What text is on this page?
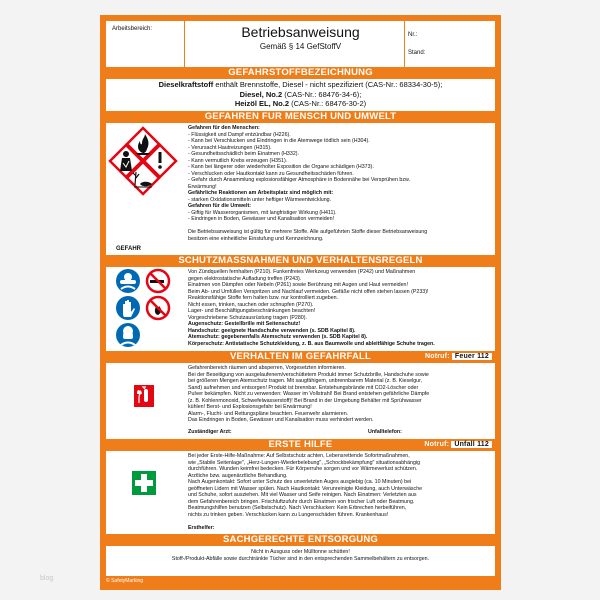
Arbeitsbereich:	Betriebsanweisung
Gemäß § 14 GefStoffV
Nr.:
Stand:
GEFAHRSTOFFBEZEICHNUNG
Dieselkraftstoff enthält Brennstoffe, Diesel - nicht spezifiziert (CAS-Nr.: 68334-30-5);
Diesel, No.2 (CAS-Nr.: 68476-34-6);
Heizöl EL, No.2 (CAS-Nr.: 68476-30-2)
GEFAHREN FÜR MENSCH UND UMWELT
GEFAHR
Gefahren für den Menschen:
- Flüssigkeit und Dampf entzündbar (H226).
- Kann bei Verschlucken und Eindringen in die Atemwege tödlich sein (H304).
- Verursacht Hautreizungen (H315).
- Gesundheitsschädlich beim Einatmen (H332).
- Kann vermutlich Krebs erzeugen (H351).
- Kann bei längerer oder wiederholter Exposition die Organe schädigen (H373).
- Verschlucken oder Hautkontakt kann zu Gesundheitsschäden führen.
- Gefahr durch Ansammlung explosionsfähiger Atmosphäre in Bodennähe bei Versprühen bzw.
Erwärmung!
Gefährliche Reaktionen am Arbeitsplatz sind möglich mit:
- starken Oxidationsmitteln unter heftiger Wärmeentwicklung.
Gefahren für die Umwelt:
- Giftig für Wasserorganismen, mit langfristiger Wirkung (H411).
- Eindringen in Boden, Gewässer und Kanalisation vermeiden!

Die Betriebsanweisung ist gültig für mehrere Stoffe. Alle aufgeführten Stoffe dieser Betriebsanweisung
besitzen eine einheitliche Einstufung und Kennzeichnung.
SCHUTZMASSNAHMEN UND VERHALTENSREGELN
Von Zündquellen fernhalten (P210). Funkenfreies Werkzeug verwenden (P242) und Maßnahmen
gegen elektrostatische Aufladung treffen (P243).
Einatmen von Dämpfen oder Nebeln (P261) sowie Berührung mit Augen und Haut vermeiden!
Beim Ab- und Umfüllen Verspritzen und Nachlauf vermeiden. Gefäße nicht offen stehen lassen (P233)!
Reaktionsfähige Stoffe fern halten bzw. nur kontrolliert zugeben.
Nicht essen, trinken, rauchen oder schnupfen (P270).
Lager- und Beschäftigungsbeschränkungen beachten!
Vorgeschriebene Schutzausrüstung tragen (P280).
Augenschutz: Gestellbrille mit Seitenschutz!
Handschutz: geeignete Handschuhe verwenden (s. SDB Kapitel 8).
Atemschutz: gegebenenfalls Atemschutz verwenden (s. SDB Kapitel 8).
Körperschutz: Antistatische Schutzkleidung, z. B. aus Baumwolle und ableitfähige Schuhe tragen.
VERHALTEN IM GEFAHRFALL	Notruf: Feuer 112
Gefahrenbereich räumen und absperren, Vorgesetzten informieren.
Bei der Beseitigung von ausgelaufenem/verschüttetem Produkt immer Schutzbrille, Handschuhe sowie
bei größeren Mengen Atemschutz tragen. Mit saugfähigem, unbrennbarem Material (z. B. Kieselgur,
Sand) aufnehmen und entsorgen! Produkt ist brennbar. Entstehungsbrände mit CO2-Löscher oder
Pulver bekämpfen. Nicht zu verwenden: Wasser im Vollstrahl! Bei Brand entstehen gefährliche Dämpfe
(z. B. Kohlenmonoxid, Schwefelwasserstoff)! Bei Brand in der Umgebung Behälter mit Sprühwasser
kühlen! Berst- und Explosionsgefahr bei Erwärmung!
Alarm-, Flucht- und Rettungspläne beachten. Feuerwehr alarmieren.
Das Eindringen in Boden, Gewässer und Kanalisation muss verhindert werden.
Zuständiger Arzt:	Unfalltelefon:
ERSTE HILFE	Notruf: Unfall 112
Bei jeder Erste-Hilfe-Maßnahme: Auf Selbstschutz achten, Lebensrettende Sofortmaßnahmen,
wie „Stabile Seitenlage", „Herz-Lungen-Wiederbelebung", „Schockbekämpfung" situationsabhängig
durchführen. Wunden keimfrei bedecken. Für Körperruhe sorgen und vor Wärmeverlust schützen.
Ärztliche bzw. augenärztliche Behandlung.
Nach Augenkontakt: Sofort unter Schutz des unverletzten Auges ausgiebig (ca. 10 Minuten) bei
geöffneten Lidern mit Wasser spülen. Nach Hautkontakt: Verunreinigte Kleidung, auch Unterwäsche
und Schuhe, sofort ausziehen. Mit viel Wasser und Seife reinigen. Nach Einatmen: Verletzten aus
dem Gefahrenbereich bringen. Frischluftzufuhr durch Einatmen von frischer Luft oder Beatmung.
Beatmungshilfen benutzen (Selbstschutz). Nach Verschlucken: Kein Erbrechen herbeiführen,
nichts zu trinken geben. Verschlucken kann zu Lungenschäden führen. Krankenhaus!

Ersthelfer:
SACHGERECHTE ENTSORGUNG
Nicht in Ausguss oder Mülltonne schütten!
Stoff-/Produkt-Abfälle sowie durchtränkte Tücher sind in den entsprechenden Sammelbehältern zu entsorgen.
© SafetyMarking
blog
